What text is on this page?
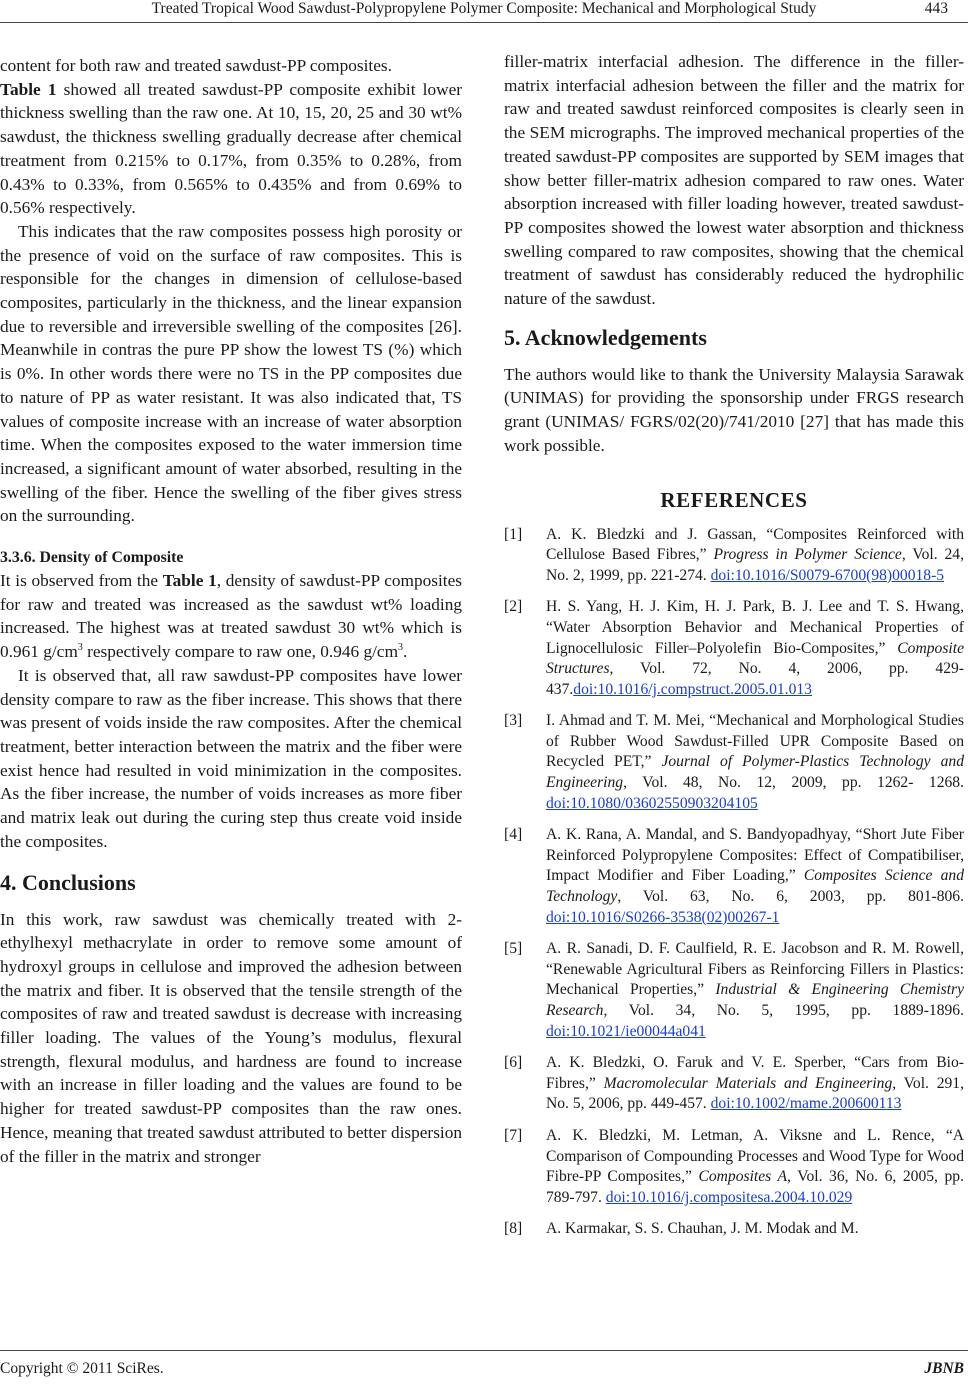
Treated Tropical Wood Sawdust-Polypropylene Polymer Composite: Mechanical and Morphological Study	443

content for both raw and treated sawdust-PP composites.
Table 1 showed all treated sawdust-PP composite exhibit lower thickness swelling than the raw one. At 10, 15, 20, 25 and 30 wt% sawdust, the thickness swelling gradually decrease after chemical treatment from 0.215% to 0.17%, from 0.35% to 0.28%, from 0.43% to 0.33%, from 0.565% to 0.435% and from 0.69% to 0.56% respectively.

This indicates that the raw composites possess high porosity or the presence of void on the surface of raw composites. This is responsible for the changes in dimension of cellulose-based composites, particularly in the thickness, and the linear expansion due to reversible and irreversible swelling of the composites [26]. Meanwhile in contras the pure PP show the lowest TS (%) which is 0%. In other words there were no TS in the PP composites due to nature of PP as water resistant. It was also indicated that, TS values of composite increase with an increase of water absorption time. When the composites exposed to the water immersion time increased, a significant amount of water absorbed, resulting in the swelling of the fiber. Hence the swelling of the fiber gives stress on the surrounding.

3.3.6. Density of Composite

It is observed from the Table 1, density of sawdust-PP composites for raw and treated was increased as the sawdust wt% loading increased. The highest was at treated sawdust 30 wt% which is 0.961 $g/cm^3$ respectively compare to raw one, 0.946 $g/cm^3$.

It is observed that, all raw sawdust-PP composites have lower density compare to raw as the fiber increase. This shows that there was present of voids inside the raw composites. After the chemical treatment, better interaction between the matrix and the fiber were exist hence had resulted in void minimization in the composites. As the fiber increase, the number of voids increases as more fiber and matrix leak out during the curing step thus create void inside the composites.

4. Conclusions

In this work, raw sawdust was chemically treated with 2-ethylhexyl methacrylate in order to remove some amount of hydroxyl groups in cellulose and improved the adhesion between the matrix and fiber. It is observed that the tensile strength of the composites of raw and treated sawdust is decrease with increasing filler loading. The values of the Young’s modulus, flexural strength, flexural modulus, and hardness are found to increase with an increase in filler loading and the values are found to be higher for treated sawdust-PP composites than the raw ones. Hence, meaning that treated sawdust attributed to better dispersion of the filler in the matrix and stronger

filler-matrix interfacial adhesion. The difference in the filler-matrix interfacial adhesion between the filler and the matrix for raw and treated sawdust reinforced composites is clearly seen in the SEM micrographs. The improved mechanical properties of the treated sawdust-PP composites are supported by SEM images that show better filler-matrix adhesion compared to raw ones. Water absorption increased with filler loading however, treated sawdust-PP composites showed the lowest water absorption and thickness swelling compared to raw composites, showing that the chemical treatment of sawdust has considerably reduced the hydrophilic nature of the sawdust.

5. Acknowledgements

The authors would like to thank the University Malaysia Sarawak (UNIMAS) for providing the sponsorship under FRGS research grant (UNIMAS/ FGRS/02(20)/741/2010 [27] that has made this work possible.

REFERENCES
[1] A. K. Bledzki and J. Gassan, “Composites Reinforced with Cellulose Based Fibres,” Progress in Polymer Science, Vol. 24, No. 2, 1999, pp. 221-274. doi:10.1016/S0079-6700(98)00018-5
[2] H. S. Yang, H. J. Kim, H. J. Park, B. J. Lee and T. S. Hwang, “Water Absorption Behavior and Mechanical Properties of Lignocellulosic Filler–Polyolefin Bio-Composites,” Composite Structures, Vol. 72, No. 4, 2006, pp. 429-437.doi:10.1016/j.compstruct.2005.01.013
[3] I. Ahmad and T. M. Mei, “Mechanical and Morphological Studies of Rubber Wood Sawdust-Filled UPR Composite Based on Recycled PET,” Journal of Polymer-Plastics Technology and Engineering, Vol. 48, No. 12, 2009, pp. 1262- 1268. doi:10.1080/03602550903204105
[4] A. K. Rana, A. Mandal, and S. Bandyopadhyay, “Short Jute Fiber Reinforced Polypropylene Composites: Effect of Compatibiliser, Impact Modifier and Fiber Loading,” Composites Science and Technology, Vol. 63, No. 6, 2003, pp. 801-806. doi:10.1016/S0266-3538(02)00267-1
[5] A. R. Sanadi, D. F. Caulfield, R. E. Jacobson and R. M. Rowell, “Renewable Agricultural Fibers as Reinforcing Fillers in Plastics: Mechanical Properties,” Industrial & Engineering Chemistry Research, Vol. 34, No. 5, 1995, pp. 1889-1896. doi:10.1021/ie00044a041
[6] A. K. Bledzki, O. Faruk and V. E. Sperber, “Cars from Bio-Fibres,” Macromolecular Materials and Engineering, Vol. 291, No. 5, 2006, pp. 449-457. doi:10.1002/mame.200600113
[7] A. K. Bledzki, M. Letman, A. Viksne and L. Rence, “A Comparison of Compounding Processes and Wood Type for Wood Fibre-PP Composites,” Composites A, Vol. 36, No. 6, 2005, pp. 789-797. doi:10.1016/j.compositesa.2004.10.029
[8] A. Karmakar, S. S. Chauhan, J. M. Modak and M.
Copyright © 2011 SciRes.	JBNB
